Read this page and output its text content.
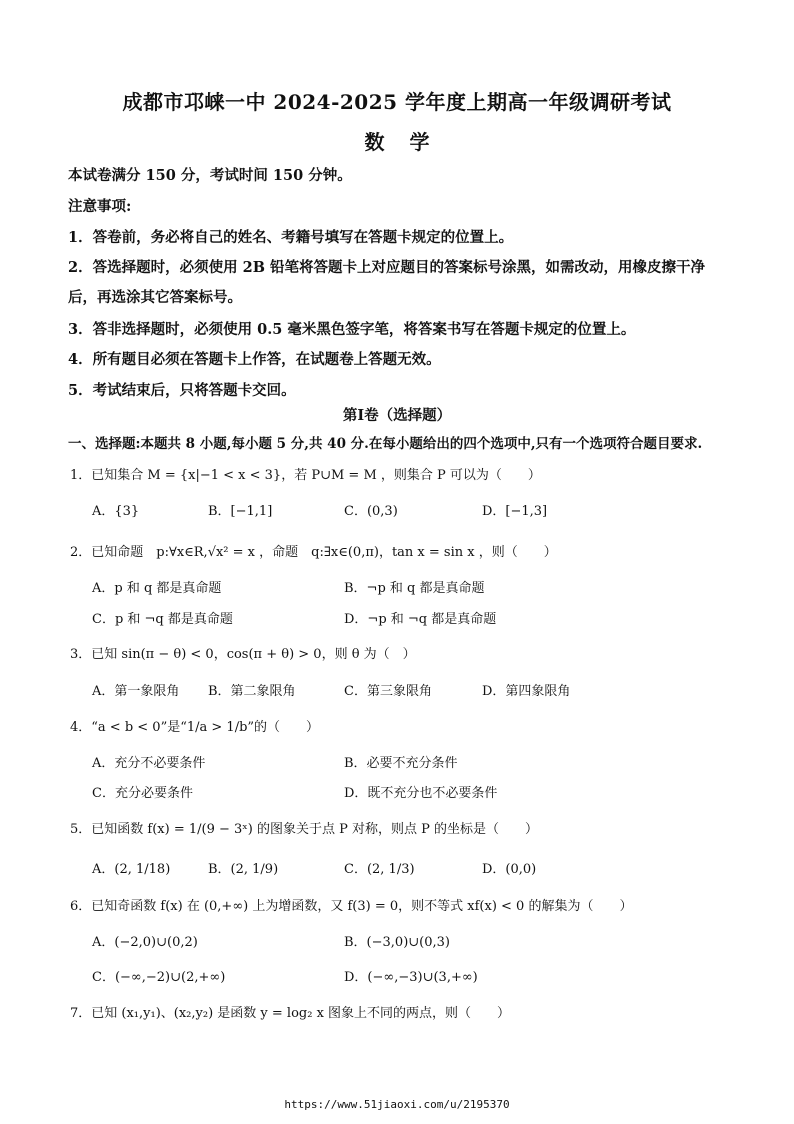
成都市邛崃一中 2024-2025 学年度上期高一年级调研考试
数 学
本试卷满分 150 分，考试时间 150 分钟。
注意事项:
1．答卷前，务必将自己的姓名、考籍号填写在答题卡规定的位置上。
2．答选择题时，必须使用 2B 铅笔将答题卡上对应题目的答案标号涂黑，如需改动，用橡皮擦干净后，再选涂其它答案标号。
3．答非选择题时，必须使用 0.5 毫米黑色签字笔，将答案书写在答题卡规定的位置上。
4．所有题目必须在答题卡上作答，在试题卷上答题无效。
5．考试结束后，只将答题卡交回。
第Ⅰ卷（选择题）
一、选择题:本题共 8 小题,每小题 5 分,共 40 分.在每小题给出的四个选项中,只有一个选项符合题目要求.
1．已知集合 M = {x|−1 < x < 3}，若 P∪M = M ，则集合 P 可以为（　　）
A．{3}	B．[−1,1]	C．(0,3)	D．[−1,3]
2．已知命题　p:∀x∈R,√x² = x ，命题　q:∃x∈(0,π)，tan x = sin x ，则（　　）
A．p 和 q 都是真命题	B．¬p 和 q 都是真命题
C．p 和 ¬q 都是真命题	D．¬p 和 ¬q 都是真命题
3．已知 sin(π − θ) < 0，cos(π + θ) > 0，则 θ 为（　）
A．第一象限角 B．第二象限角	C．第三象限角	D．第四象限角
4．“a < b < 0”是“1/a > 1/b”的（　　）
A．充分不必要条件	B．必要不充分条件
C．充分必要条件	D．既不充分也不必要条件
5．已知函数 f(x) = 1/(9 − 3ˣ) 的图象关于点 P 对称，则点 P 的坐标是（　　）
A．(2, 1/18)	B．(2, 1/9)	C．(2, 1/3)	D．(0,0)
6．已知奇函数 f(x) 在 (0,+∞) 上为增函数，又 f(3) = 0，则不等式 xf(x) < 0 的解集为（　　）
A．(−2,0)∪(0,2)	B．(−3,0)∪(0,3)
C．(−∞,−2)∪(2,+∞)	D．(−∞,−3)∪(3,+∞)
7．已知 (x₁,y₁)、(x₂,y₂) 是函数 y = log₂ x 图象上不同的两点，则（　　）
https://www.51jiaoxi.com/u/2195370
